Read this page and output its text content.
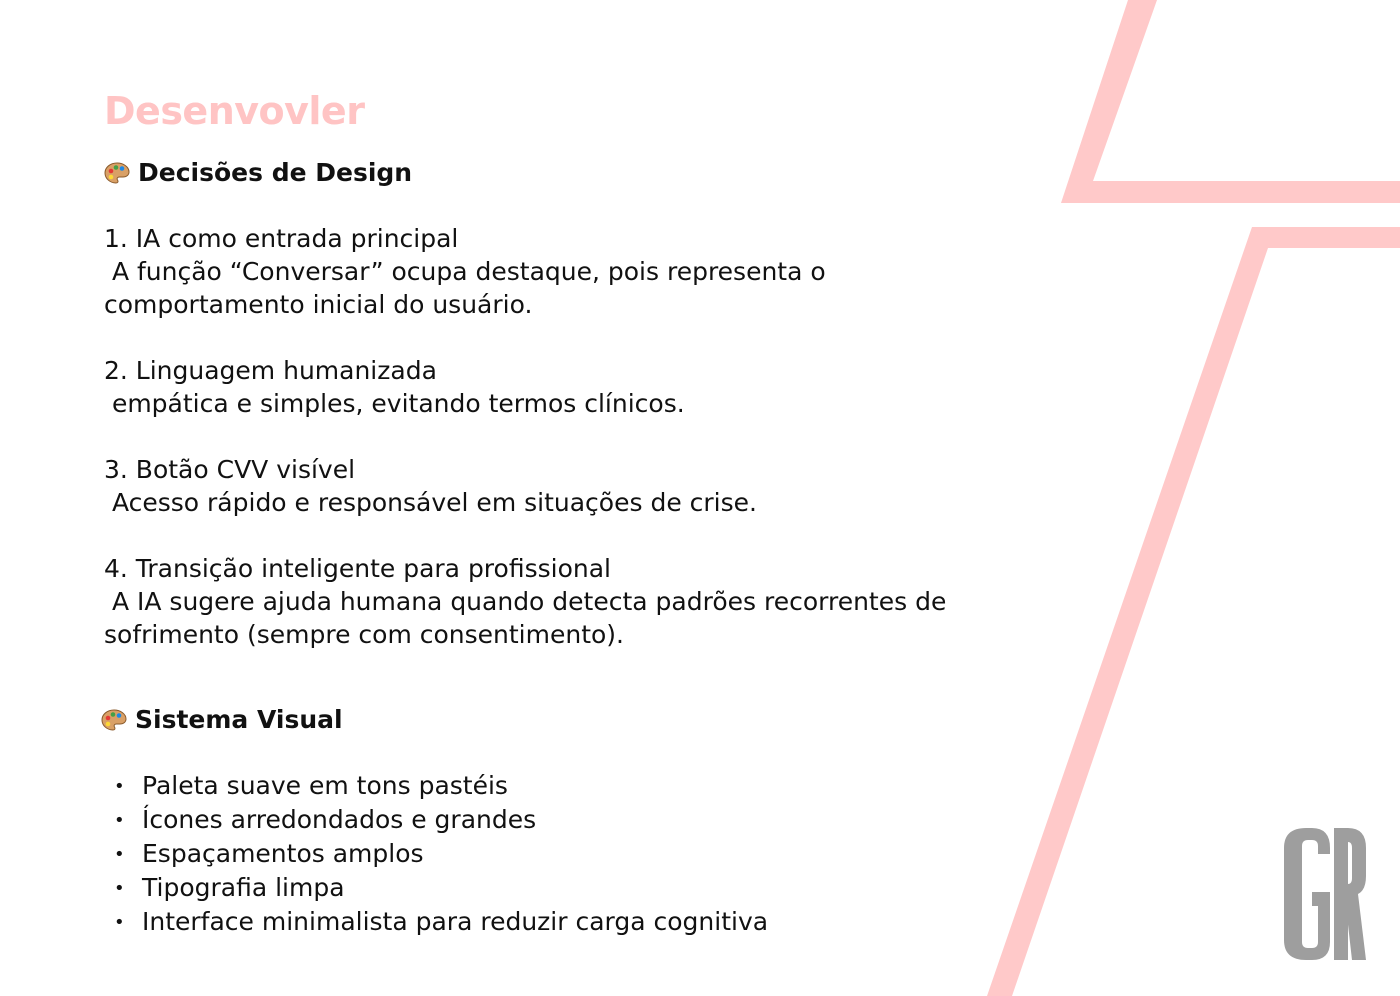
Desenvovler
Decisões de Design
1. IA como entrada principal
A função “Conversar” ocupa destaque, pois representa o
comportamento inicial do usuário.
2. Linguagem humanizada
empática e simples, evitando termos clínicos.
3. Botão CVV visível
Acesso rápido e responsável em situações de crise.
4. Transição inteligente para profissional
A IA sugere ajuda humana quando detecta padrões recorrentes de
sofrimento (sempre com consentimento).
Sistema Visual
• Paleta suave em tons pastéis
• Ícones arredondados e grandes
• Espaçamentos amplos
• Tipografia limpa
• Interface minimalista para reduzir carga cognitiva
